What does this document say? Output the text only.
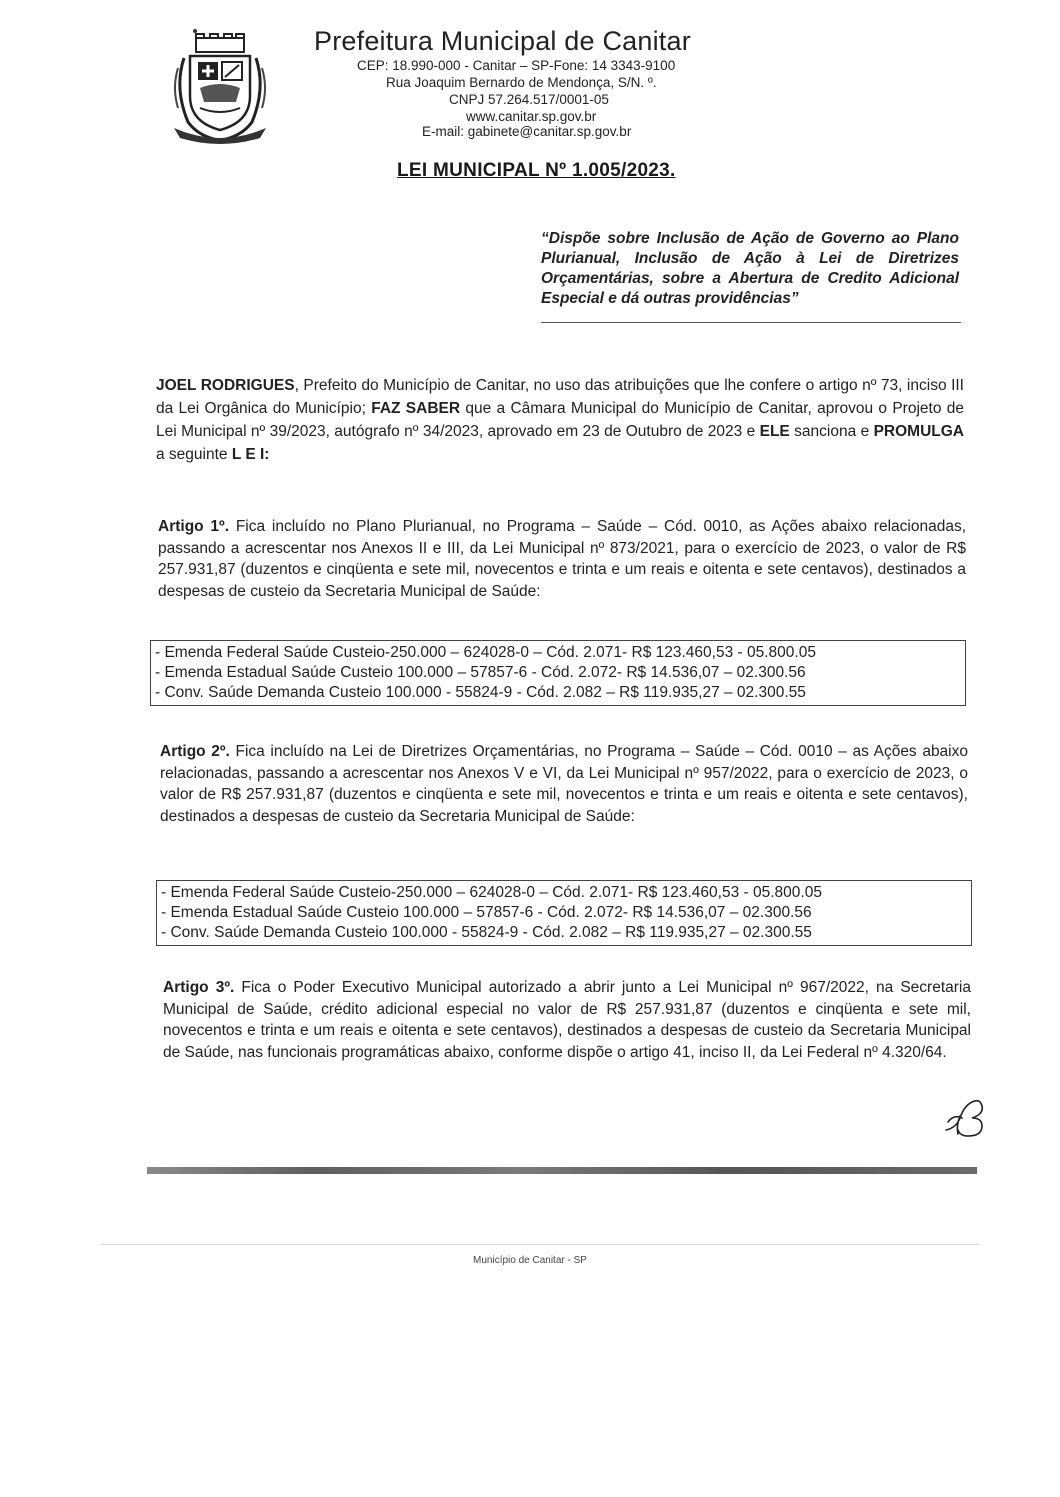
Prefeitura Municipal de Canitar
CEP: 18.990-000 - Canitar – SP-Fone: 14 3343-9100
Rua Joaquim Bernardo de Mendonça, S/N. º.
CNPJ 57.264.517/0001-05
www.canitar.sp.gov.br
E-mail: gabinete@canitar.sp.gov.br
LEI MUNICIPAL Nº 1.005/2023.
“Dispõe sobre Inclusão de Ação de Governo ao Plano Plurianual, Inclusão de Ação à Lei de Diretrizes Orçamentárias, sobre a Abertura de Credito Adicional Especial e dá outras providências”
JOEL RODRIGUES, Prefeito do Município de Canitar, no uso das atribuições que lhe confere o artigo nº 73, inciso III da Lei Orgânica do Município; FAZ SABER que a Câmara Municipal do Município de Canitar, aprovou o Projeto de Lei Municipal nº 39/2023, autógrafo nº 34/2023, aprovado em 23 de Outubro de 2023 e ELE sanciona e PROMULGA a seguinte L E I:
Artigo 1º. Fica incluído no Plano Plurianual, no Programa – Saúde – Cód. 0010, as Ações abaixo relacionadas, passando a acrescentar nos Anexos II e III, da Lei Municipal nº 873/2021, para o exercício de 2023, o valor de R$ 257.931,87 (duzentos e cinqüenta e sete mil, novecentos e trinta e um reais e oitenta e sete centavos), destinados a despesas de custeio da Secretaria Municipal de Saúde:
- Emenda Federal Saúde Custeio-250.000 – 624028-0 – Cód. 2.071- R$ 123.460,53 - 05.800.05
- Emenda Estadual Saúde Custeio 100.000 – 57857-6 - Cód. 2.072- R$ 14.536,07 – 02.300.56
- Conv. Saúde Demanda Custeio 100.000 - 55824-9 - Cód. 2.082 – R$ 119.935,27 – 02.300.55
Artigo 2º. Fica incluído na Lei de Diretrizes Orçamentárias, no Programa – Saúde – Cód. 0010 – as Ações abaixo relacionadas, passando a acrescentar nos Anexos V e VI, da Lei Municipal nº 957/2022, para o exercício de 2023, o valor de R$ 257.931,87 (duzentos e cinqüenta e sete mil, novecentos e trinta e um reais e oitenta e sete centavos), destinados a despesas de custeio da Secretaria Municipal de Saúde:
- Emenda Federal Saúde Custeio-250.000 – 624028-0 – Cód. 2.071- R$ 123.460,53 - 05.800.05
- Emenda Estadual Saúde Custeio 100.000 – 57857-6 - Cód. 2.072- R$ 14.536,07 – 02.300.56
- Conv. Saúde Demanda Custeio 100.000 - 55824-9 - Cód. 2.082 – R$ 119.935,27 – 02.300.55
Artigo 3º. Fica o Poder Executivo Municipal autorizado a abrir junto a Lei Municipal nº 967/2022, na Secretaria Municipal de Saúde, crédito adicional especial no valor de R$ 257.931,87 (duzentos e cinqüenta e sete mil, novecentos e trinta e um reais e oitenta e sete centavos), destinados a despesas de custeio da Secretaria Municipal de Saúde, nas funcionais programáticas abaixo, conforme dispõe o artigo 41, inciso II, da Lei Federal nº 4.320/64.
Município de Canitar - SP
